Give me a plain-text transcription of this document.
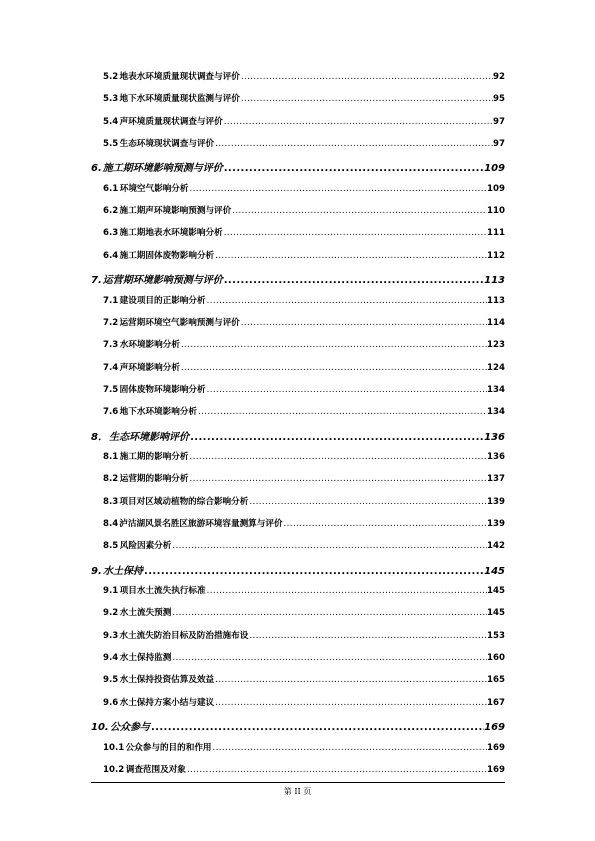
5.2 地表水环境质量现状调查与评价 .....	92
5.3 地下水环境质量现状监测与评价 .....	95
5.4 声环境质量现状调查与评价 .....	97
5.5 生态环境现状调查与评价 .....	97
6. 施工期环境影响预测与评价 .....	109
6.1 环境空气影响分析 .....	109
6.2 施工期声环境影响预测与评价 .....	110
6.3 施工期地表水环境影响分析 .....	111
6.4 施工期固体废物影响分析 .....	112
7. 运营期环境影响预测与评价 .....	113
7.1 建设项目的正影响分析 .....	113
7.2 运营期环境空气影响预测与评价 .....	114
7.3 水环境影响分析 .....	123
7.4 声环境影响分析 .....	124
7.5 固体废物环境影响分析 .....	134
7.6 地下水环境影响分析 .....	134
8． 生态环境影响评价 .....	136
8.1 施工期的影响分析 .....	136
8.2 运营期的影响分析 .....	137
8.3 项目对区域动植物的综合影响分析 .....	139
8.4 泸沽湖风景名胜区旅游环境容量测算与评价 .....	139
8.5 风险因素分析 .....	142
9. 水土保持 .....	145
9.1 项目水土流失执行标准 .....	145
9.2 水土流失预测 .....	145
9.3 水土流失防治目标及防治措施布设 .....	153
9.4 水土保持监测 .....	160
9.5 水土保持投资估算及效益 .....	165
9.6 水土保持方案小结与建议 .....	167
10. 公众参与 .....	169
10.1 公众参与的目的和作用 .....	169
10.2 调查范围及对象 .....	169
第 II 页
